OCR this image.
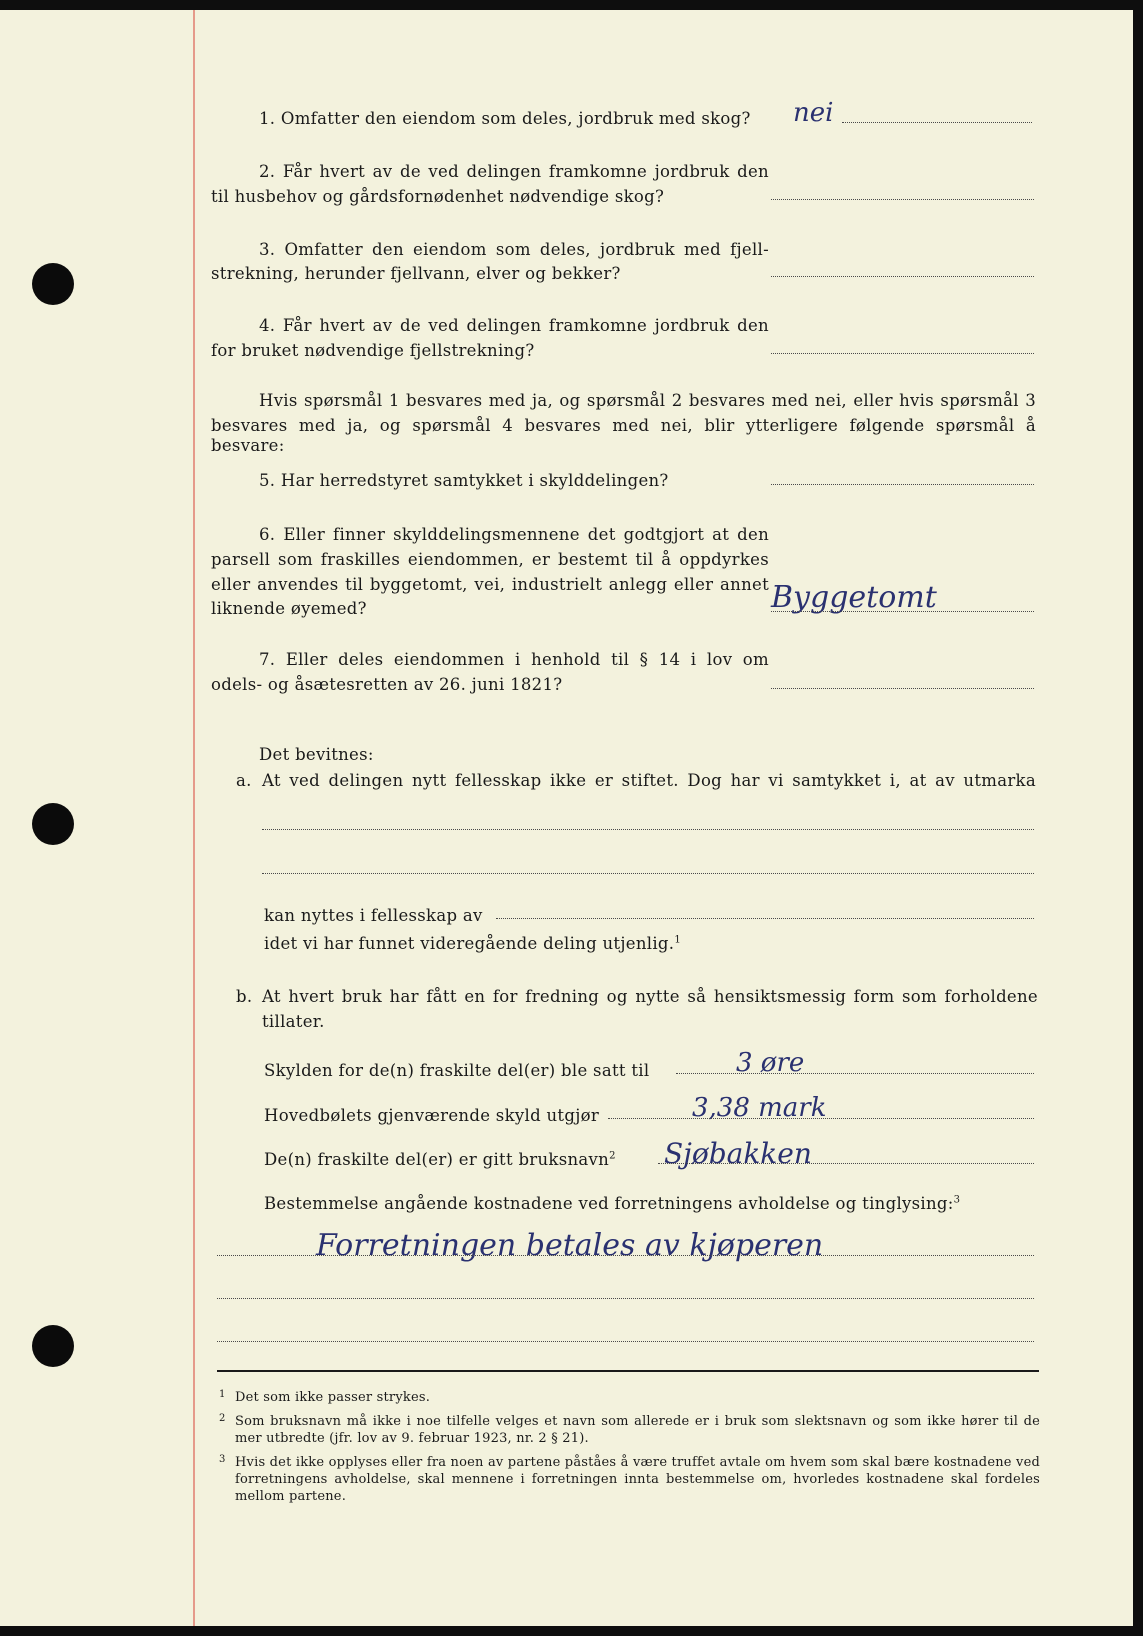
1. Omfatter den eiendom som deles, jordbruk med skog? nei
2. Får hvert av de ved delingen framkomne jordbruk den
til husbehov og gårdsfornødenhet nødvendige skog?
3. Omfatter den eiendom som deles, jordbruk med fjell-
strekning, herunder fjellvann, elver og bekker?
4. Får hvert av de ved delingen framkomne jordbruk den
for bruket nødvendige fjellstrekning?
Hvis spørsmål 1 besvares med ja, og spørsmål 2 besvares med nei, eller hvis spørsmål 3
besvares med ja, og spørsmål 4 besvares med nei, blir ytterligere følgende spørsmål å besvare:
5. Har herredstyret samtykket i skylddelingen?
6. Eller finner skylddelingsmennene det godtgjort at den
parsell som fraskilles eiendommen, er bestemt til å oppdyrkes
eller anvendes til byggetomt, vei, industrielt anlegg eller annet
liknende øyemed?	Byggetomt
7. Eller deles eiendommen i henhold til § 14 i lov om
odels- og åsætesretten av 26. juni 1821?
Det bevitnes:
a. At ved delingen nytt fellesskap ikke er stiftet. Dog har vi samtykket i, at av utmarka
kan nyttes i fellesskap av
idet vi har funnet videregående deling utjenlig.$^1$
b. At hvert bruk har fått en for fredning og nytte så hensiktsmessig form som forholdene
tillater.
Skylden for de(n) fraskilte del(er) ble satt til	3 øre
Hovedbølets gjenværende skyld utgjør	3,38 mark
De(n) fraskilte del(er) er gitt bruksnavn$^2$ Sjøbakken
Bestemmelse angående kostnadene ved forretningens avholdelse og tinglysing:$^3$
Forretningen betales av kjøperen
1 Det som ikke passer strykes.
2 Som bruksnavn må ikke i noe tilfelle velges et navn som allerede er i bruk som slektsnavn og som ikke hører til de mer utbredte (jfr. lov av 9. februar 1923, nr. 2 § 21).
3 Hvis det ikke opplyses eller fra noen av partene påståes å være truffet avtale om hvem som skal bære kostnadene ved forretningens avholdelse, skal mennene i forretningen innta bestemmelse om, hvorledes kostnadene skal fordeles mellom partene.
